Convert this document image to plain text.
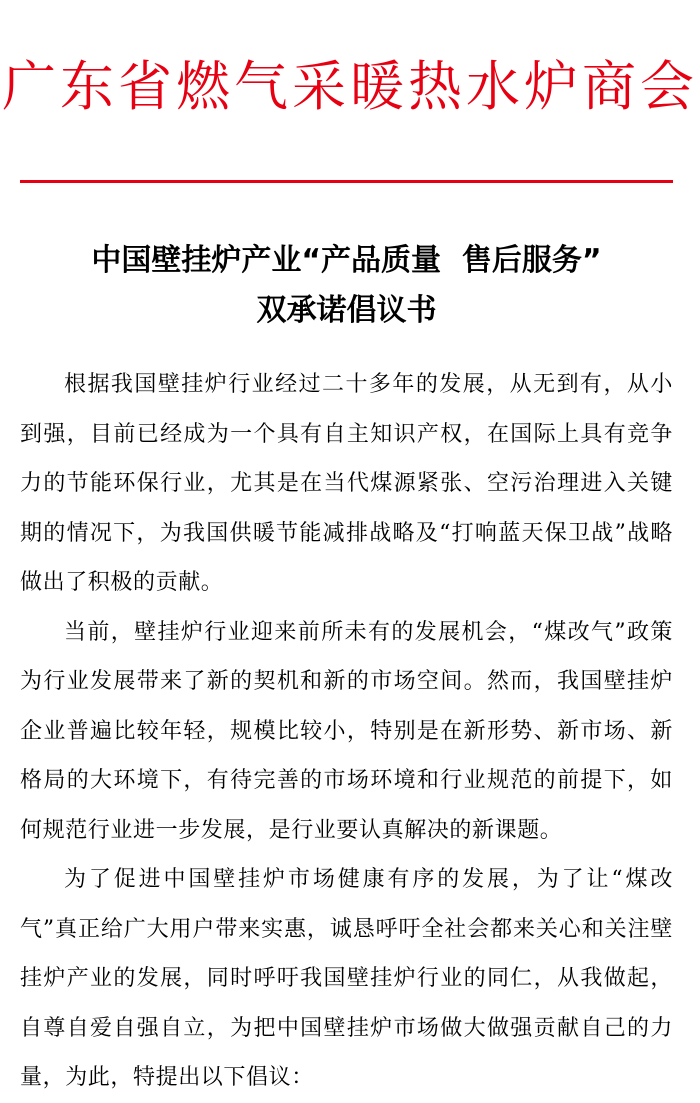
广东省燃气采暖热水炉商会
中国壁挂炉产业“产品质量  售后服务”
双承诺倡议书

根据我国壁挂炉行业经过二十多年的发展，从无到有，从小到强，目前已经成为一个具有自主知识产权，在国际上具有竞争力的节能环保行业，尤其是在当代煤源紧张、空污治理进入关键期的情况下，为我国供暖节能减排战略及“打响蓝天保卫战”战略做出了积极的贡献。

当前，壁挂炉行业迎来前所未有的发展机会，“煤改气”政策为行业发展带来了新的契机和新的市场空间。然而，我国壁挂炉企业普遍比较年轻，规模比较小，特别是在新形势、新市场、新格局的大环境下，有待完善的市场环境和行业规范的前提下，如何规范行业进一步发展，是行业要认真解决的新课题。

为了促进中国壁挂炉市场健康有序的发展，为了让“煤改气”真正给广大用户带来实惠，诚恳呼吁全社会都来关心和关注壁挂炉产业的发展，同时呼吁我国壁挂炉行业的同仁，从我做起，自尊自爱自强自立，为把中国壁挂炉市场做大做强贡献自己的力量，为此，特提出以下倡议：
